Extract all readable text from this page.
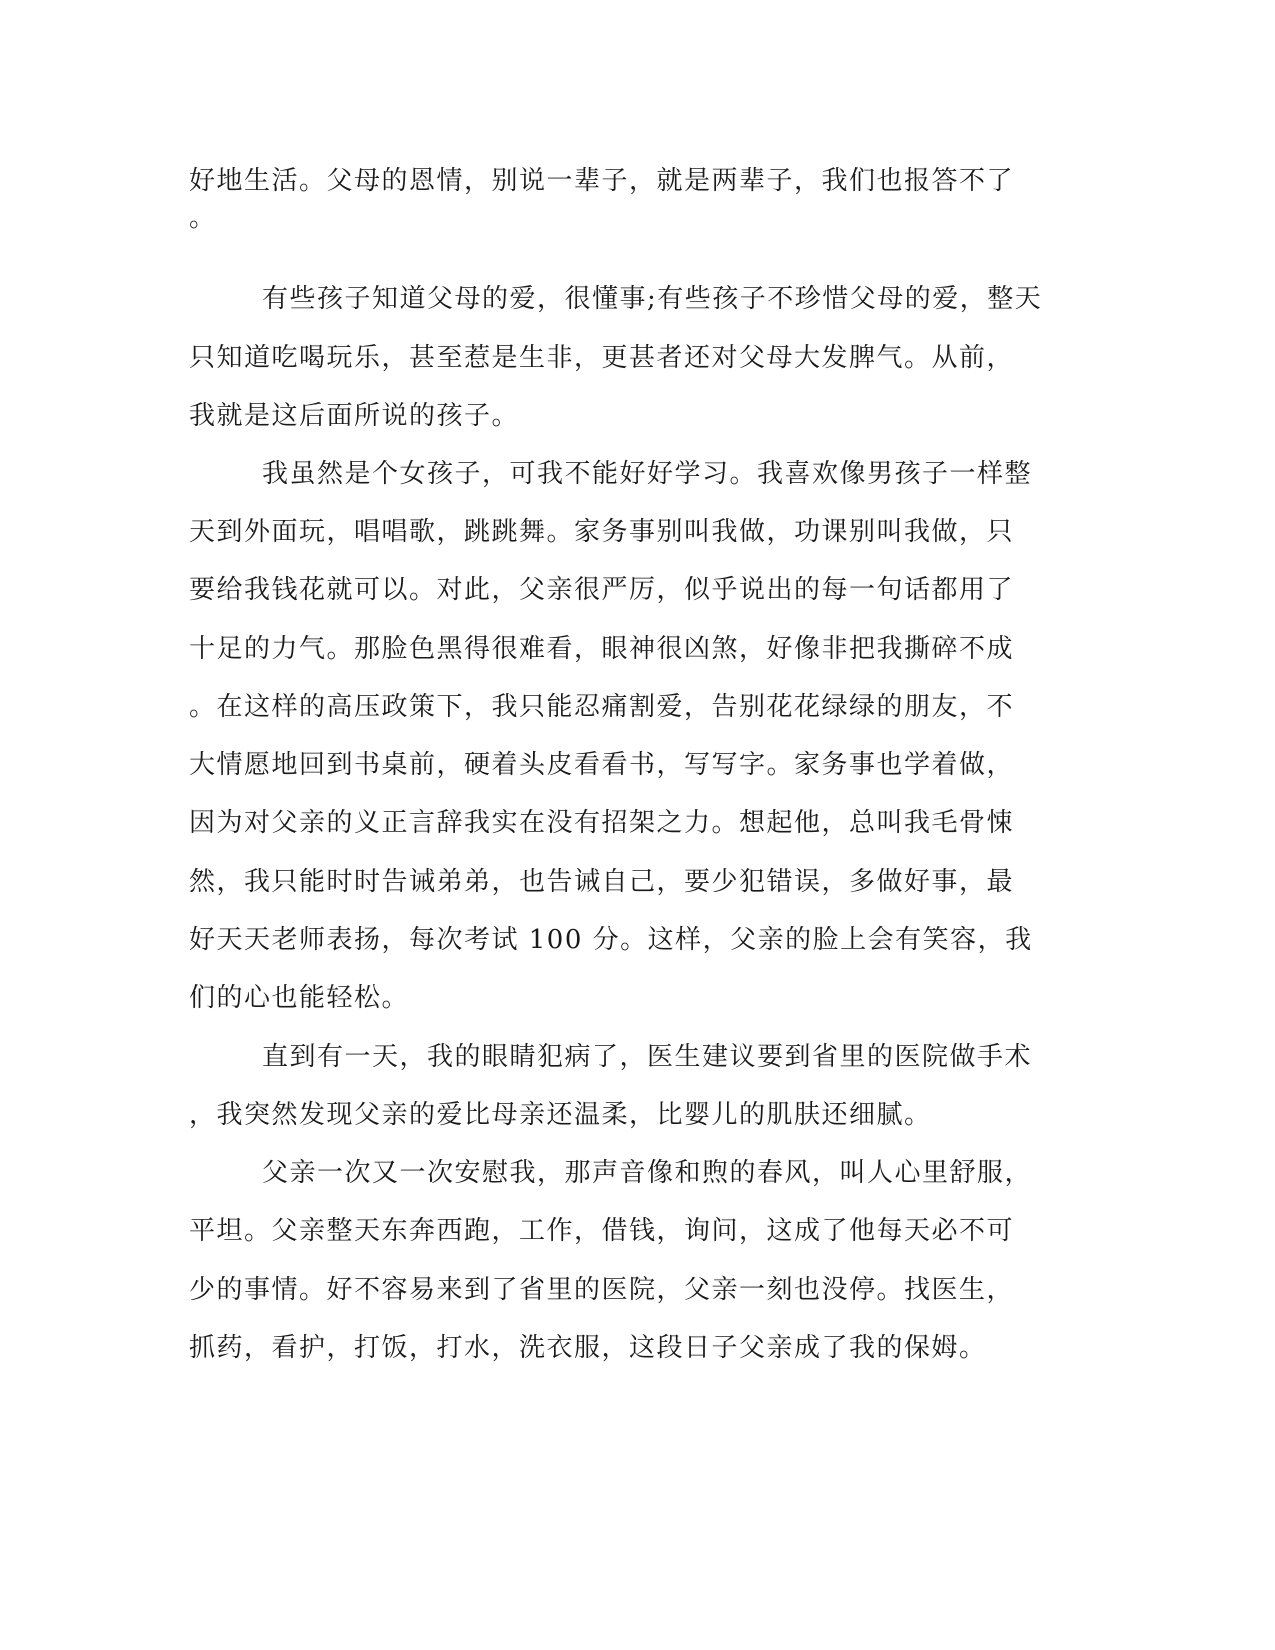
好地生活。父母的恩情，别说一辈子，就是两辈子，我们也报答不了
。
有些孩子知道父母的爱，很懂事;有些孩子不珍惜父母的爱，整天
只知道吃喝玩乐，甚至惹是生非，更甚者还对父母大发脾气。从前，
我就是这后面所说的孩子。
我虽然是个女孩子，可我不能好好学习。我喜欢像男孩子一样整
天到外面玩，唱唱歌，跳跳舞。家务事别叫我做，功课别叫我做，只
要给我钱花就可以。对此，父亲很严厉，似乎说出的每一句话都用了
十足的力气。那脸色黑得很难看，眼神很凶煞，好像非把我撕碎不成
。在这样的高压政策下，我只能忍痛割爱，告别花花绿绿的朋友，不
大情愿地回到书桌前，硬着头皮看看书，写写字。家务事也学着做，
因为对父亲的义正言辞我实在没有招架之力。想起他，总叫我毛骨悚
然，我只能时时告诫弟弟，也告诫自己，要少犯错误，多做好事，最
好天天老师表扬，每次考试 100 分。这样，父亲的脸上会有笑容，我
们的心也能轻松。
直到有一天，我的眼睛犯病了，医生建议要到省里的医院做手术
，我突然发现父亲的爱比母亲还温柔，比婴儿的肌肤还细腻。
父亲一次又一次安慰我，那声音像和煦的春风，叫人心里舒服，
平坦。父亲整天东奔西跑，工作，借钱，询问，这成了他每天必不可
少的事情。好不容易来到了省里的医院，父亲一刻也没停。找医生，
抓药，看护，打饭，打水，洗衣服，这段日子父亲成了我的保姆。
